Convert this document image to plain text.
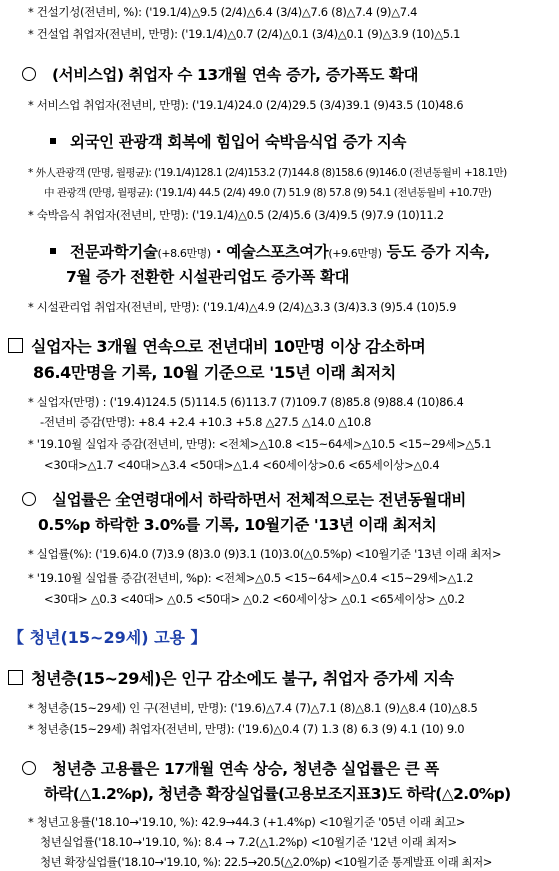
* 건설기성(전년비, %): ('19.1/4)△9.5 (2/4)△6.4 (3/4)△7.6 (8)△7.4 (9)△7.4
* 건설업 취업자(전년비, 만명): ('19.1/4)△0.7 (2/4)△0.1 (3/4)△0.1 (9)△3.9 (10)△5.1
(서비스업) 취업자 수 13개월 연속 증가, 증가폭도 확대
* 서비스업 취업자(전년비, 만명): ('19.1/4)24.0 (2/4)29.5 (3/4)39.1 (9)43.5 (10)48.6
외국인 관광객 회복에 힘입어 숙박음식업 증가 지속
* 外人관광객 (만명, 월평균): ('19.1/4)128.1 (2/4)153.2 (7)144.8 (8)158.6 (9)146.0 (전년동월비 +18.1만)
中 관광객 (만명, 월평균): ('19.1/4) 44.5 (2/4) 49.0 (7) 51.9 (8) 57.8 (9) 54.1 (전년동월비 +10.7만)
* 숙박음식 취업자(전년비, 만명): ('19.1/4)△0.5 (2/4)5.6 (3/4)9.5 (9)7.9 (10)11.2
전문과학기술(+8.6만명) · 예술스포츠여가(+9.6만명) 등도 증가 지속,
7월 증가 전환한 시설관리업도 증가폭 확대
* 시설관리업 취업자(전년비, 만명): ('19.1/4)△4.9 (2/4)△3.3 (3/4)3.3 (9)5.4 (10)5.9
실업자는 3개월 연속으로 전년대비 10만명 이상 감소하며
86.4만명을 기록, 10월 기준으로 '15년 이래 최저치
* 실업자(만명) : ('19.4)124.5 (5)114.5 (6)113.7 (7)109.7 (8)85.8 (9)88.4 (10)86.4
-전년비 증감(만명): +8.4 +2.4 +10.3 +5.8 △27.5 △14.0 △10.8
* '19.10월 실업자 증감(전년비, 만명): <전체>△10.8 <15~64세>△10.5 <15~29세>△5.1
<30대>△1.7 <40대>△3.4 <50대>△1.4 <60세이상>0.6 <65세이상>△0.4
실업률은 全연령대에서 하락하면서 전체적으로는 전년동월대비
0.5%p 하락한 3.0%를 기록, 10월기준 '13년 이래 최저치
* 실업률(%): ('19.6)4.0 (7)3.9 (8)3.0 (9)3.1 (10)3.0(△0.5%p) <10월기준 '13년 이래 최저>
* '19.10월 실업률 증감(전년비, %p): <전체>△0.5 <15~64세>△0.4 <15~29세>△1.2
<30대> △0.3 <40대> △0.5 <50대> △0.2 <60세이상> △0.1 <65세이상> △0.2
【 청년(15~29세) 고용 】
청년층(15~29세)은 인구 감소에도 불구, 취업자 증가세 지속
* 청년층(15~29세) 인 구(전년비, 만명): ('19.6)△7.4 (7)△7.1 (8)△8.1 (9)△8.4 (10)△8.5
* 청년층(15~29세) 취업자(전년비, 만명): ('19.6)△0.4 (7) 1.3 (8) 6.3 (9) 4.1 (10) 9.0
청년층 고용률은 17개월 연속 상승, 청년층 실업률은 큰 폭
하락(△1.2%p), 청년층 확장실업률(고용보조지표3)도 하락(△2.0%p)
* 청년고용률('18.10→'19.10, %): 42.9→44.3 (+1.4%p) <10월기준 '05년 이래 최고>
청년실업률('18.10→'19.10, %): 8.4 → 7.2(△1.2%p) <10월기준 '12년 이래 최저>
청년 확장실업률('18.10→'19.10, %): 22.5→20.5(△2.0%p) <10월기준 통계발표 이래 최저>
